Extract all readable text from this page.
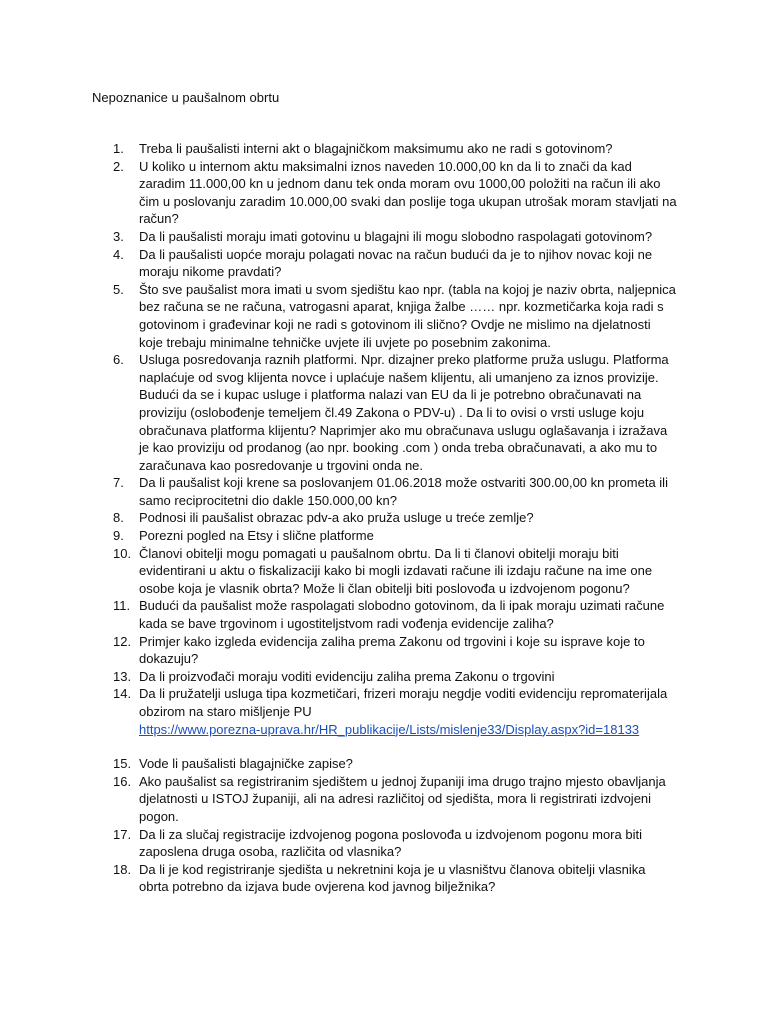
Nepoznanice u paušalnom obrtu
1.	Treba li paušalisti interni akt o blagajničkom maksimumu ako ne radi s gotovinom?
2.	U koliko u internom aktu maksimalni iznos naveden 10.000,00 kn da li to znači da kad zaradim 11.000,00 kn u jednom danu tek onda moram ovu 1000,00 položiti na račun ili ako čim u poslovanju zaradim 10.000,00 svaki dan poslije toga ukupan utrošak moram stavljati na račun?
3.	Da li paušalisti moraju imati gotovinu u blagajni ili mogu slobodno raspolagati gotovinom?
4.	Da li paušalisti uopće moraju polagati novac na račun budući da je to njihov novac koji ne moraju nikome pravdati?
5.	Što sve paušalist mora imati u svom sjedištu kao npr. (tabla na kojoj je naziv obrta, naljepnica bez računa se ne računa, vatrogasni aparat, knjiga žalbe …… npr. kozmetičarka koja radi s gotovinom i građevinar koji ne radi s gotovinom ili slično? Ovdje ne mislimo na djelatnosti koje trebaju minimalne tehničke uvjete ili uvjete po posebnim zakonima.
6.	Usluga posredovanja raznih platformi. Npr. dizajner preko platforme pruža uslugu. Platforma naplaćuje od svog klijenta novce i uplaćuje našem klijentu, ali umanjeno za iznos provizije. Budući da se i kupac usluge i platforma nalazi van EU da li je potrebno obračunavati na proviziju (oslobođenje temeljem čl.49 Zakona o PDV-u) . Da li to ovisi o vrsti usluge koju obračunava platforma klijentu? Naprimjer ako mu obračunava uslugu oglašavanja i izražava je kao proviziju od prodanog (ao npr. booking .com ) onda treba obračunavati, a ako mu to zaračunava kao posredovanje u trgovini onda ne.
7.	Da li paušalist koji krene sa poslovanjem 01.06.2018 može ostvariti 300.00,00 kn prometa ili samo reciprocitetni dio dakle 150.000,00 kn?
8.	Podnosi ili paušalist obrazac pdv-a ako pruža usluge u treće zemlje?
9.	Porezni pogled na Etsy i slične platforme
10. Članovi obitelji mogu pomagati u paušalnom obrtu. Da li ti članovi obitelji moraju biti evidentirani u aktu o fiskalizaciji kako bi mogli izdavati račune ili izdaju račune na ime one osobe koja je vlasnik obrta? Može li član obitelji biti poslovođa u izdvojenom pogonu?
11. Budući da paušalist može raspolagati slobodno gotovinom, da li ipak moraju uzimati račune kada se bave trgovinom i ugostiteljstvom radi vođenja evidencije zaliha?
12. Primjer kako izgleda evidencija zaliha prema Zakonu od trgovini i koje su isprave koje to dokazuju?
13. Da li proizvođači moraju voditi evidenciju zaliha prema Zakonu o trgovini
14. Da li pružatelji usluga tipa kozmetičari, frizeri moraju negdje voditi evidenciju repromaterijala obzirom na staro mišljenje PU
https://www.porezna-uprava.hr/HR_publikacije/Lists/mislenje33/Display.aspx?id=18133
15. Vode li paušalisti blagajničke zapise?
16. Ako paušalist sa registriranim sjedištem u jednoj županiji ima drugo trajno mjesto obavljanja djelatnosti u ISTOJ županiji, ali na adresi različitoj od sjedišta, mora li registrirati izdvojeni pogon.
17. Da li za slučaj registracije izdvojenog pogona poslovođa u izdvojenom pogonu mora biti zaposlena druga osoba, različita od vlasnika?
18. Da li je kod registriranje sjedišta u nekretnini koja je u vlasništvu članova obitelji vlasnika obrta potrebno da izjava bude ovjerena kod javnog bilježnika?
